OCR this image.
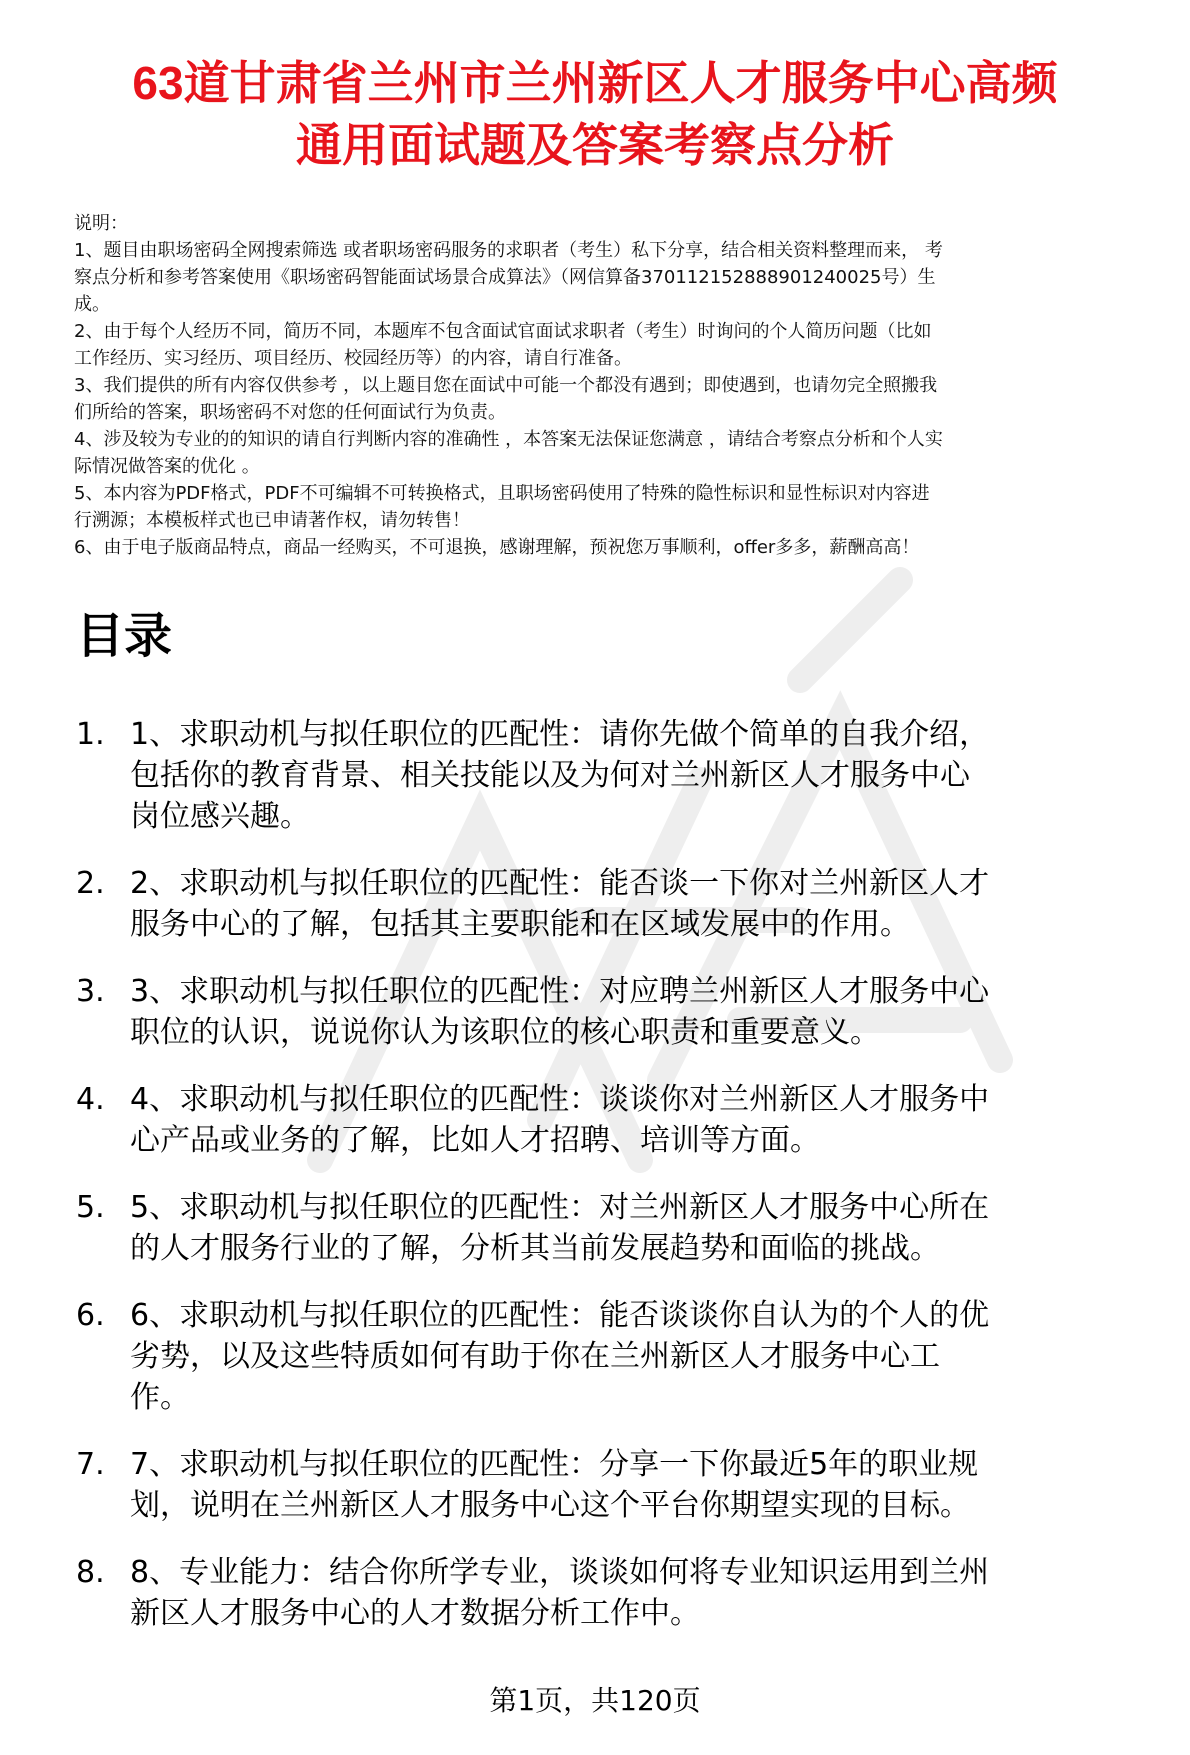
63道甘肃省兰州市兰州新区人才服务中心高频
通用面试题及答案考察点分析
说明：
1、题目由职场密码全网搜索筛选 或者职场密码服务的求职者（考生）私下分享，结合相关资料整理而来， 考
察点分析和参考答案使用《职场密码智能面试场景合成算法》（网信算备370112152888901240025号）生
成。
2、由于每个人经历不同，简历不同，本题库不包含面试官面试求职者（考生）时询问的个人简历问题（比如
工作经历、实习经历、项目经历、校园经历等）的内容，请自行准备。
3、我们提供的所有内容仅供参考 ，以上题目您在面试中可能一个都没有遇到；即使遇到，也请勿完全照搬我
们所给的答案，职场密码不对您的任何面试行为负责。
4、涉及较为专业的的知识的请自行判断内容的准确性 ，本答案无法保证您满意 ，请结合考察点分析和个人实
际情况做答案的优化 。
5、本内容为PDF格式，PDF不可编辑不可转换格式，且职场密码使用了特殊的隐性标识和显性标识对内容进
行溯源；本模板样式也已申请著作权，请勿转售！
6、由于电子版商品特点，商品一经购买，不可退换，感谢理解，预祝您万事顺利，offer多多，薪酬高高！
目录
1. 1、求职动机与拟任职位的匹配性：请你先做个简单的自我介绍，
包括你的教育背景、相关技能以及为何对兰州新区人才服务中心
岗位感兴趣。
2. 2、求职动机与拟任职位的匹配性：能否谈一下你对兰州新区人才
服务中心的了解，包括其主要职能和在区域发展中的作用。
3. 3、求职动机与拟任职位的匹配性：对应聘兰州新区人才服务中心
职位的认识，说说你认为该职位的核心职责和重要意义。
4. 4、求职动机与拟任职位的匹配性：谈谈你对兰州新区人才服务中
心产品或业务的了解，比如人才招聘、培训等方面。
5. 5、求职动机与拟任职位的匹配性：对兰州新区人才服务中心所在
的人才服务行业的了解，分析其当前发展趋势和面临的挑战。
6. 6、求职动机与拟任职位的匹配性：能否谈谈你自认为的个人的优
劣势，以及这些特质如何有助于你在兰州新区人才服务中心工
作。
7. 7、求职动机与拟任职位的匹配性：分享一下你最近5年的职业规
划，说明在兰州新区人才服务中心这个平台你期望实现的目标。
8. 8、专业能力：结合你所学专业，谈谈如何将专业知识运用到兰州
新区人才服务中心的人才数据分析工作中。
第1页，共120页
